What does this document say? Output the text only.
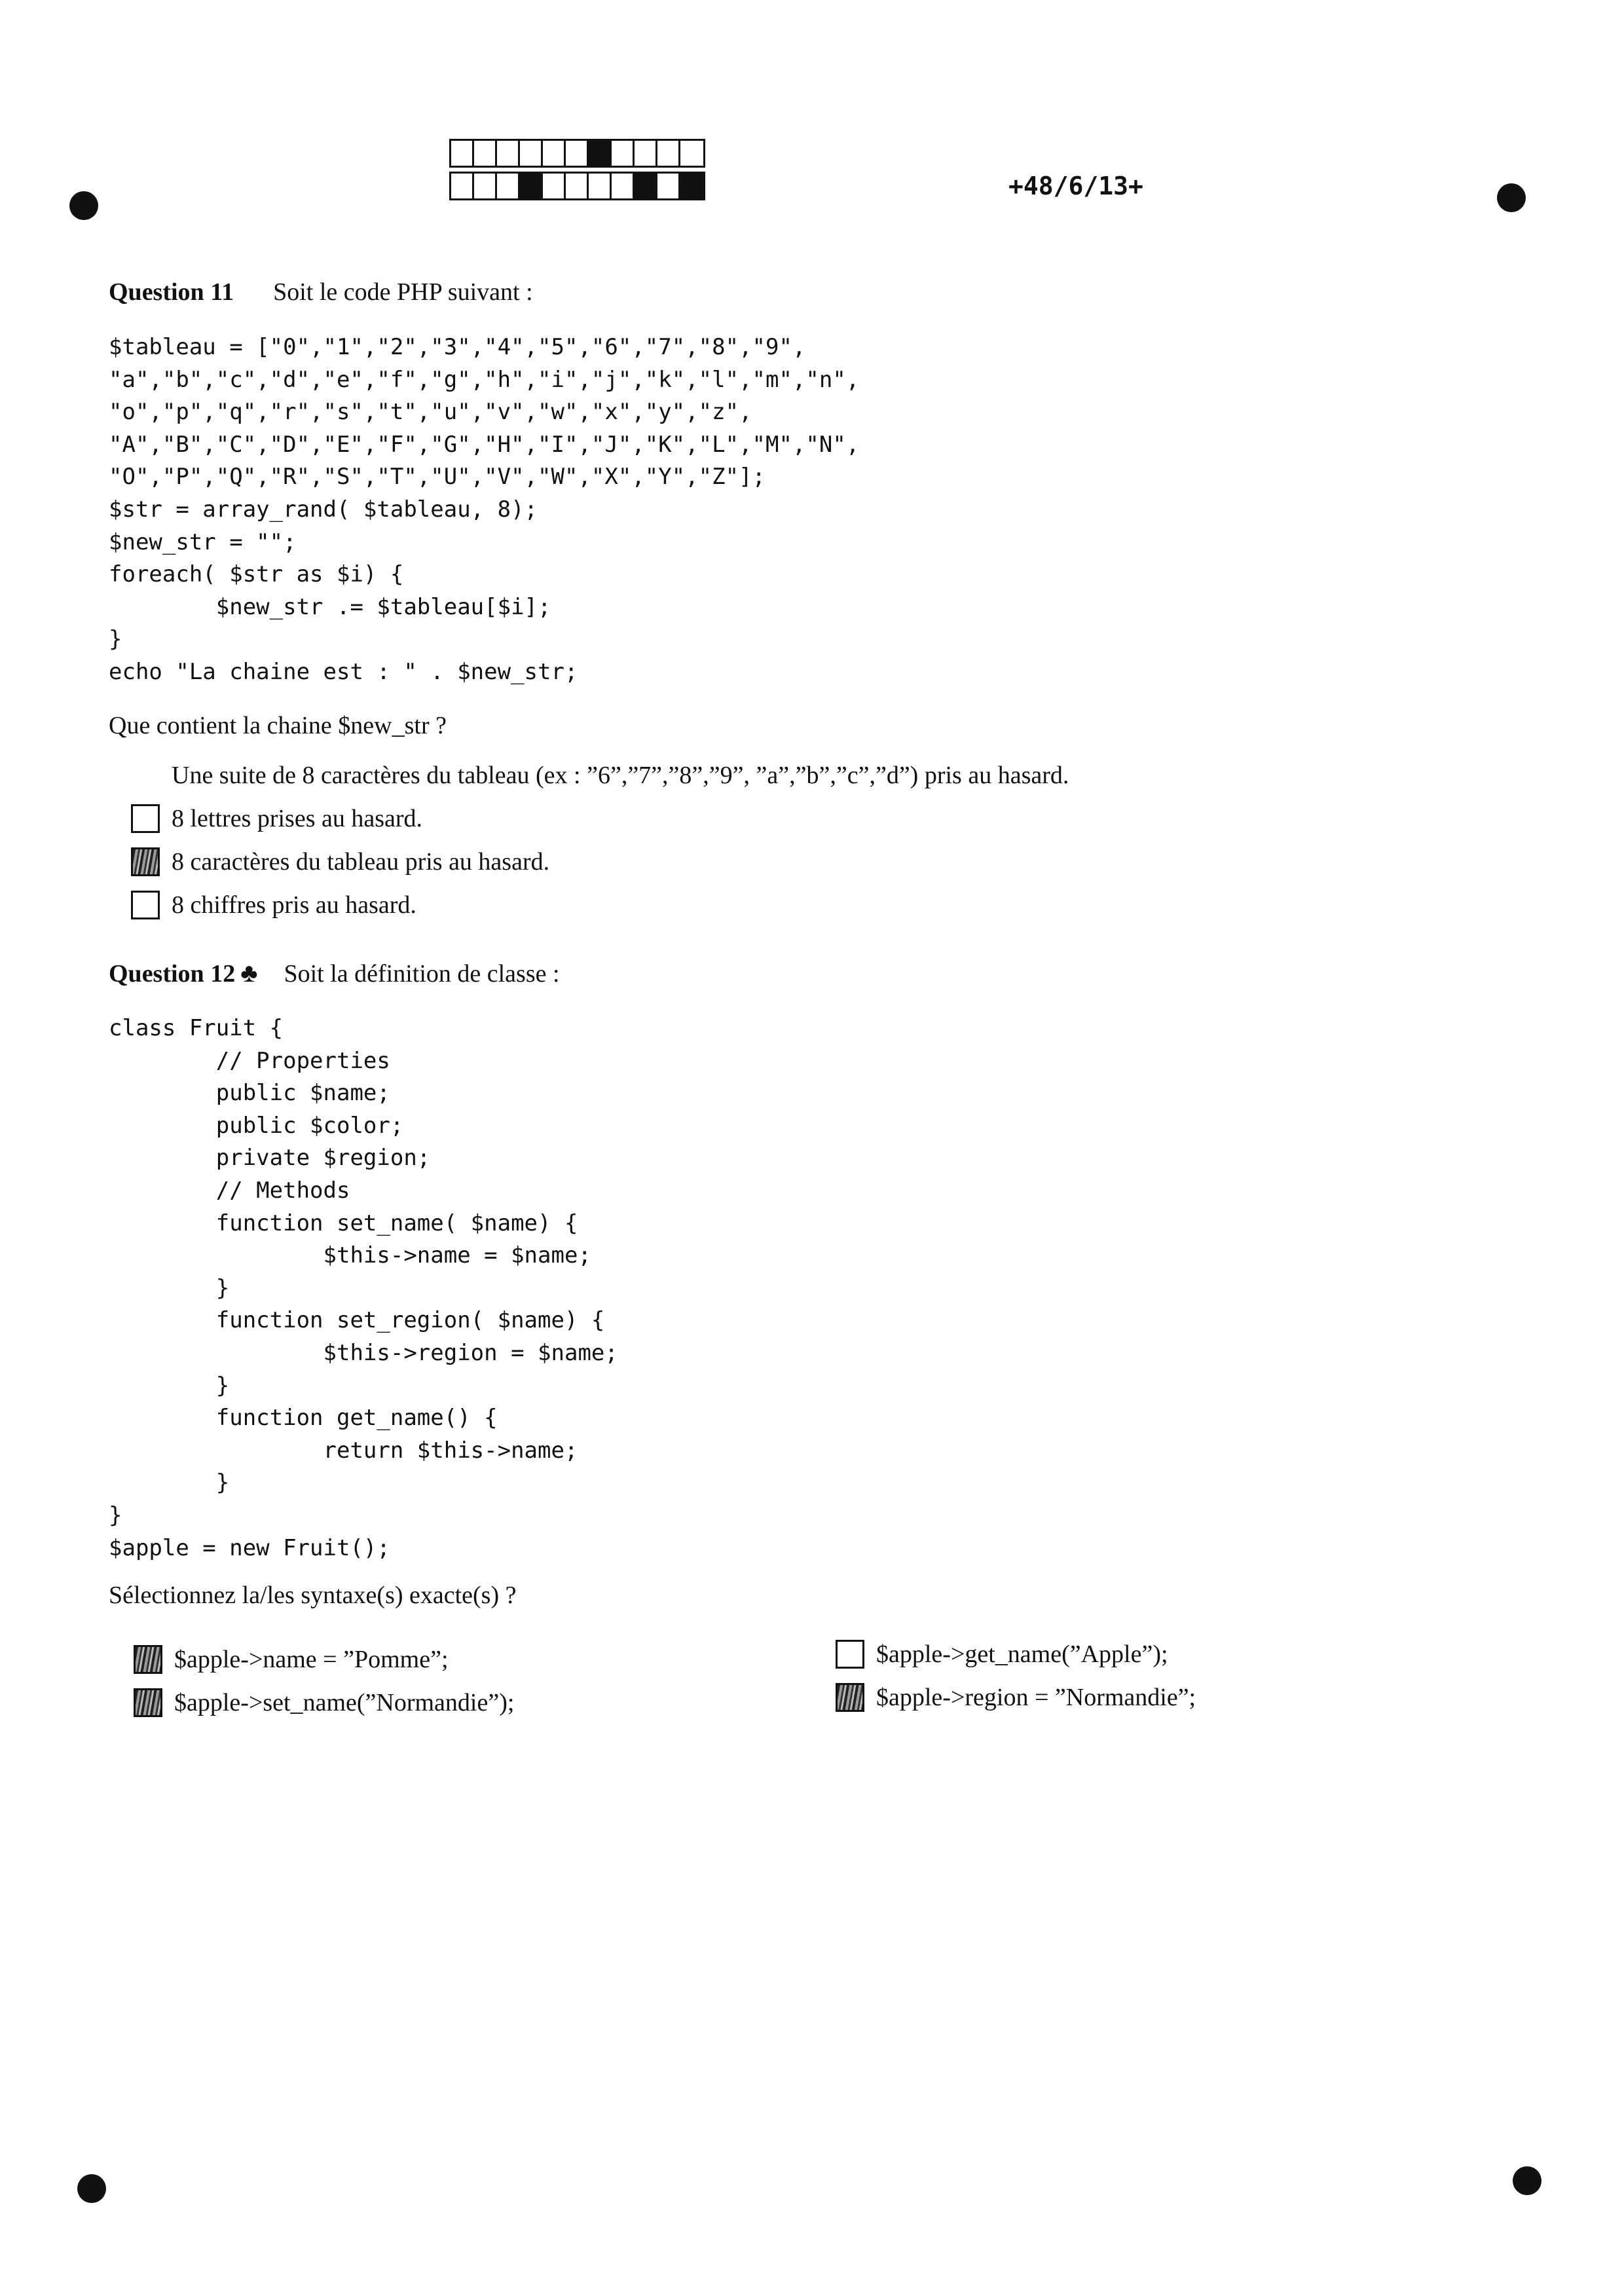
+48/6/13+
Question 11 Soit le code PHP suivant :
$tableau = ["0","1","2","3","4","5","6","7","8","9",
"a","b","c","d","e","f","g","h","i","j","k","l","m","n",
"o","p","q","r","s","t","u","v","w","x","y","z",
"A","B","C","D","E","F","G","H","I","J","K","L","M","N",
"O","P","Q","R","S","T","U","V","W","X","Y","Z"];
$str = array_rand( $tableau, 8);
$new_str = "";
foreach( $str as $i) {
$new_str .= $tableau[$i];
}
echo "La chaine est : " . $new_str;
Que contient la chaine $new_str ?
Une suite de 8 caractères du tableau (ex : ”6”,”7”,”8”,”9”, ”a”,”b”,”c”,”d”) pris au hasard.
8 lettres prises au hasard.
8 caractères du tableau pris au hasard.
8 chiffres pris au hasard.
Question 12 ♣ Soit la définition de classe :
class Fruit {
// Properties
public $name;
public $color;
private $region;
// Methods
function set_name( $name) {
$this->name = $name;
}
function set_region( $name) {
$this->region = $name;
}
function get_name() {
return $this->name;
}
}
$apple = new Fruit();
Sélectionnez la/les syntaxe(s) exacte(s) ?
$apple->name = ”Pomme”;
$apple->set_name(”Normandie”);
$apple->get_name(”Apple”);
$apple->region = ”Normandie”;
